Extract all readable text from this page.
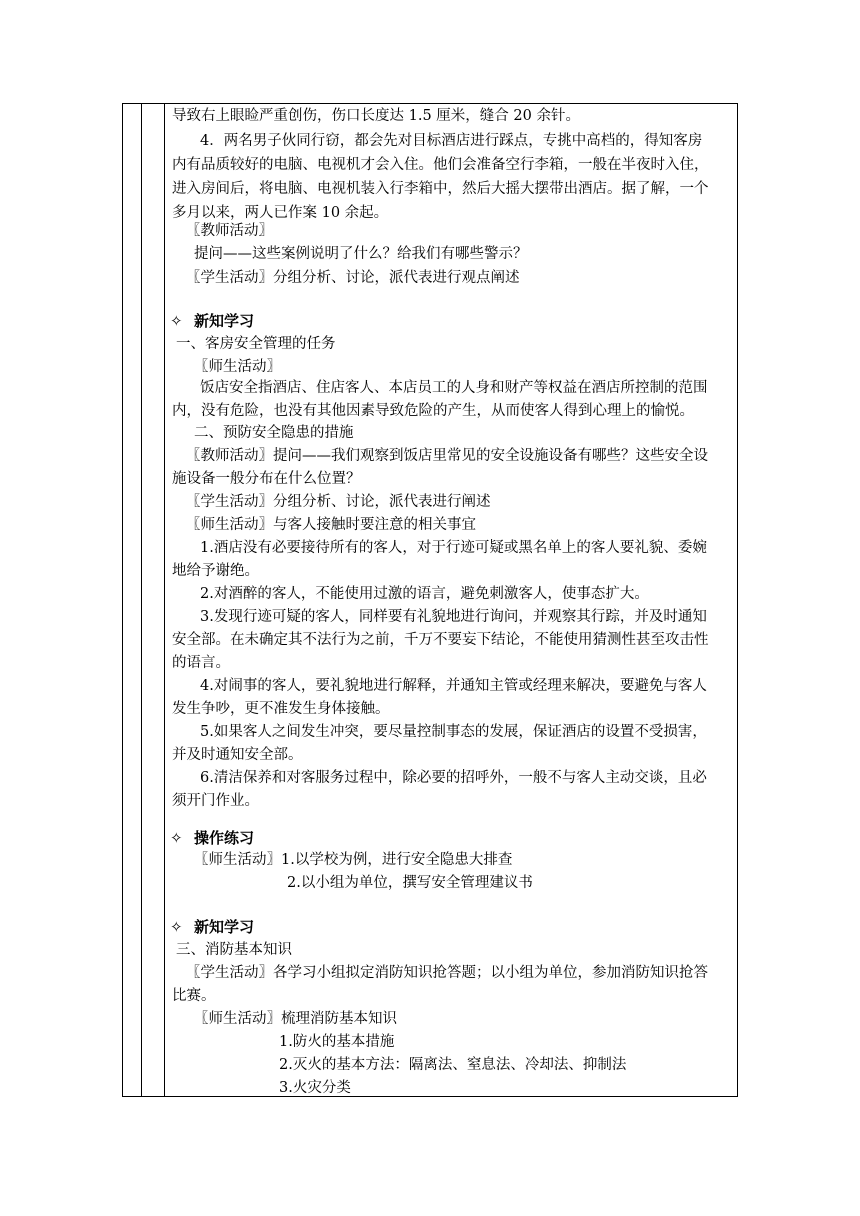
导致右上眼睑严重创伤，伤口长度达 1.5 厘米，缝合 20 余针。
4．两名男子伙同行窃，都会先对目标酒店进行踩点，专挑中高档的，得知客房
内有品质较好的电脑、电视机才会入住。他们会准备空行李箱，一般在半夜时入住，
进入房间后，将电脑、电视机装入行李箱中，然后大摇大摆带出酒店。据了解，一个
多月以来，两人已作案 10 余起。
〖教师活动〗
提问——这些案例说明了什么？给我们有哪些警示？
〖学生活动〗分组分析、讨论，派代表进行观点阐述
✧ 新知学习
一、客房安全管理的任务
〖师生活动〗
饭店安全指酒店、住店客人、本店员工的人身和财产等权益在酒店所控制的范围
内，没有危险，也没有其他因素导致危险的产生，从而使客人得到心理上的愉悦。
二、预防安全隐患的措施
〖教师活动〗提问——我们观察到饭店里常见的安全设施设备有哪些？这些安全设
施设备一般分布在什么位置？
〖学生活动〗分组分析、讨论，派代表进行阐述
〖师生活动〗与客人接触时要注意的相关事宜
1.酒店没有必要接待所有的客人，对于行迹可疑或黑名单上的客人要礼貌、委婉
地给予谢绝。
2.对酒醉的客人，不能使用过激的语言，避免刺激客人，使事态扩大。
3.发现行迹可疑的客人，同样要有礼貌地进行询问，并观察其行踪，并及时通知
安全部。在未确定其不法行为之前，千万不要妄下结论，不能使用猜测性甚至攻击性
的语言。
4.对闹事的客人，要礼貌地进行解释，并通知主管或经理来解决，要避免与客人
发生争吵，更不准发生身体接触。
5.如果客人之间发生冲突，要尽量控制事态的发展，保证酒店的设置不受损害，
并及时通知安全部。
6.清洁保养和对客服务过程中，除必要的招呼外，一般不与客人主动交谈，且必
须开门作业。
✧ 操作练习
〖师生活动〗1.以学校为例，进行安全隐患大排查
2.以小组为单位，撰写安全管理建议书
✧ 新知学习
三、消防基本知识
〖学生活动〗各学习小组拟定消防知识抢答题；以小组为单位，参加消防知识抢答
比赛。
〖师生活动〗梳理消防基本知识
1.防火的基本措施
2.灭火的基本方法：隔离法、窒息法、冷却法、抑制法
3.火灾分类
